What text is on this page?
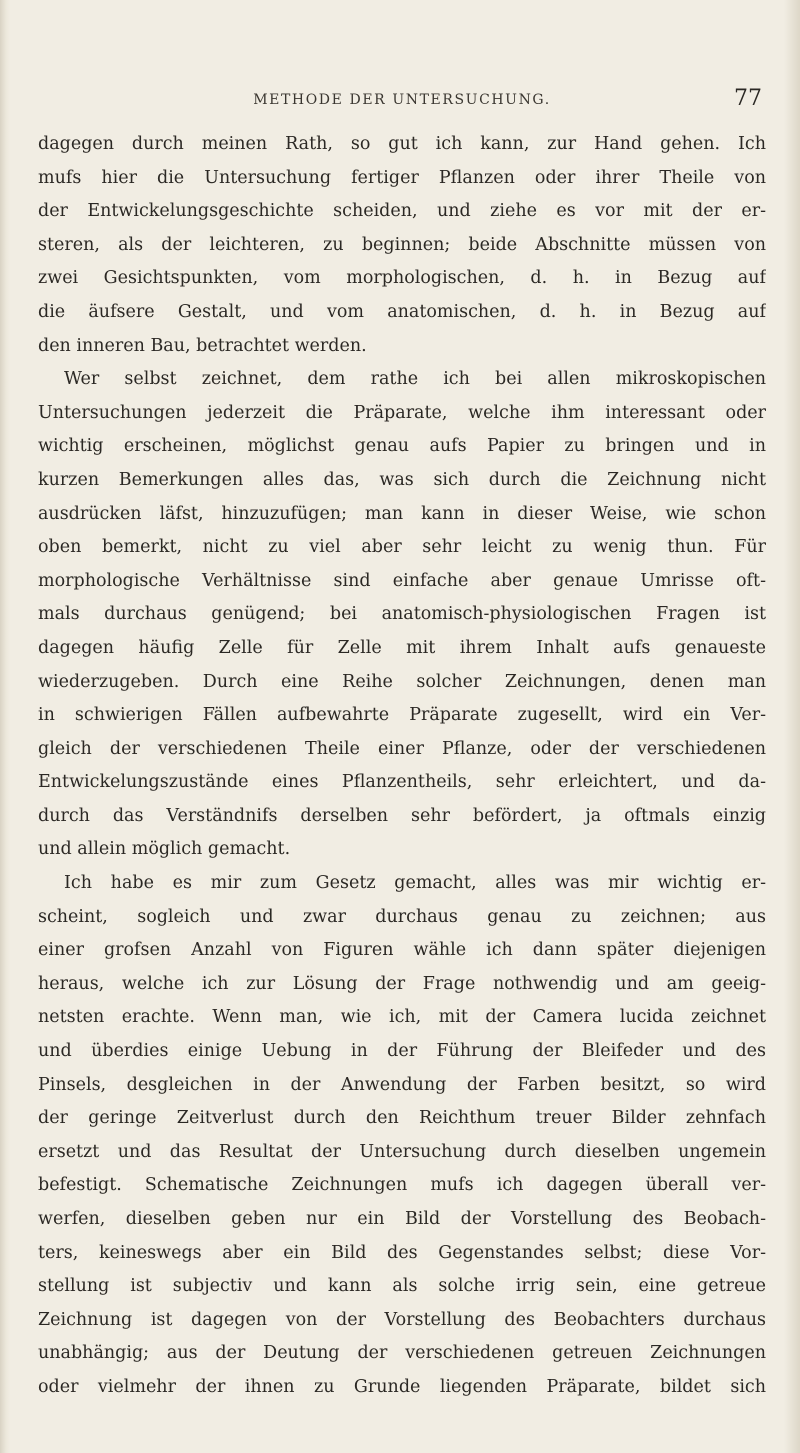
METHODE DER UNTERSUCHUNG.	77
dagegen durch meinen Rath, so gut ich kann, zur Hand gehen. Ich
mufs hier die Untersuchung fertiger Pflanzen oder ihrer Theile von
der Entwickelungsgeschichte scheiden, und ziehe es vor mit der er-
steren, als der leichteren, zu beginnen; beide Abschnitte müssen von
zwei Gesichtspunkten, vom morphologischen, d. h. in Bezug auf
die äufsere Gestalt, und vom anatomischen, d. h. in Bezug auf
den inneren Bau, betrachtet werden.
Wer selbst zeichnet, dem rathe ich bei allen mikroskopischen
Untersuchungen jederzeit die Präparate, welche ihm interessant oder
wichtig erscheinen, möglichst genau aufs Papier zu bringen und in
kurzen Bemerkungen alles das, was sich durch die Zeichnung nicht
ausdrücken läfst, hinzuzufügen; man kann in dieser Weise, wie schon
oben bemerkt, nicht zu viel aber sehr leicht zu wenig thun. Für
morphologische Verhältnisse sind einfache aber genaue Umrisse oft-
mals durchaus genügend; bei anatomisch-physiologischen Fragen ist
dagegen häufig Zelle für Zelle mit ihrem Inhalt aufs genaueste
wiederzugeben. Durch eine Reihe solcher Zeichnungen, denen man
in schwierigen Fällen aufbewahrte Präparate zugesellt, wird ein Ver-
gleich der verschiedenen Theile einer Pflanze, oder der verschiedenen
Entwickelungszustände eines Pflanzentheils, sehr erleichtert, und da-
durch das Verständnifs derselben sehr befördert, ja oftmals einzig
und allein möglich gemacht.
Ich habe es mir zum Gesetz gemacht, alles was mir wichtig er-
scheint, sogleich und zwar durchaus genau zu zeichnen; aus
einer grofsen Anzahl von Figuren wähle ich dann später diejenigen
heraus, welche ich zur Lösung der Frage nothwendig und am geeig-
netsten erachte. Wenn man, wie ich, mit der Camera lucida zeichnet
und überdies einige Uebung in der Führung der Bleifeder und des
Pinsels, desgleichen in der Anwendung der Farben besitzt, so wird
der geringe Zeitverlust durch den Reichthum treuer Bilder zehnfach
ersetzt und das Resultat der Untersuchung durch dieselben ungemein
befestigt. Schematische Zeichnungen mufs ich dagegen überall ver-
werfen, dieselben geben nur ein Bild der Vorstellung des Beobach-
ters, keineswegs aber ein Bild des Gegenstandes selbst; diese Vor-
stellung ist subjectiv und kann als solche irrig sein, eine getreue
Zeichnung ist dagegen von der Vorstellung des Beobachters durchaus
unabhängig; aus der Deutung der verschiedenen getreuen Zeichnungen
oder vielmehr der ihnen zu Grunde liegenden Präparate, bildet sich
